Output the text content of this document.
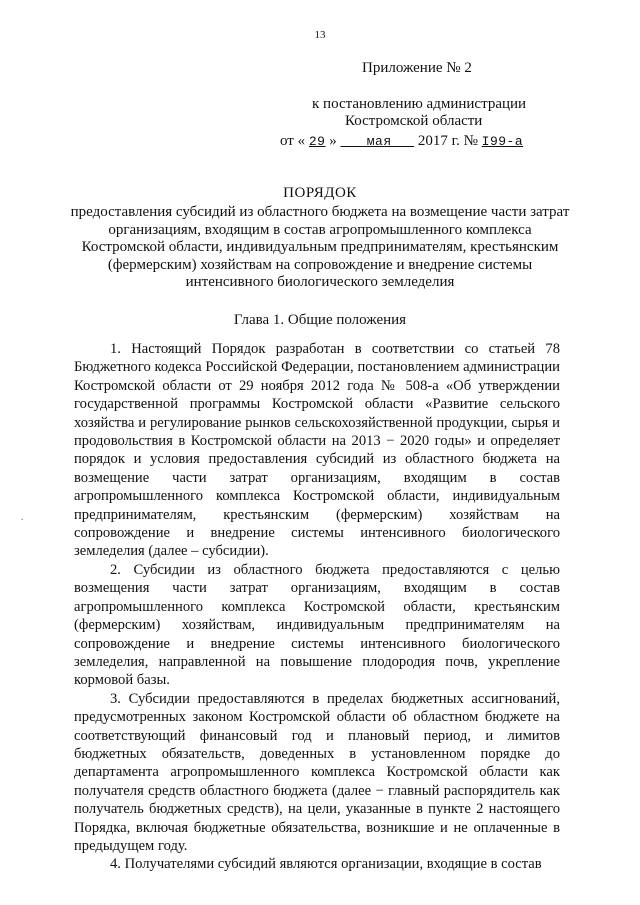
13
Приложение № 2
к постановлению администрации
Костромской области
от « 29 » мая 2017 г. № I99-а
ПОРЯДОК
предоставления субсидий из областного бюджета на возмещение части затрат организациям, входящим в состав агропромышленного комплекса Костромской области, индивидуальным предпринимателям, крестьянским (фермерским) хозяйствам на сопровождение и внедрение системы интенсивного биологического земледелия
Глава 1. Общие положения

1. Настоящий Порядок разработан в соответствии со статьей 78 Бюджетного кодекса Российской Федерации, постановлением администрации Костромской области от 29 ноября 2012 года № 508-а «Об утверждении государственной программы Костромской области «Развитие сельского хозяйства и регулирование рынков сельскохозяйственной продукции, сырья и продовольствия в Костромской области на 2013 − 2020 годы» и определяет порядок и условия предоставления субсидий из областного бюджета на возмещение части затрат организациям, входящим в состав агропромышленного комплекса Костромской области, индивидуальным предпринимателям, крестьянским (фермерским) хозяйствам на сопровождение и внедрение системы интенсивного биологического земледелия (далее – субсидии).

2. Субсидии из областного бюджета предоставляются с целью возмещения части затрат организациям, входящим в состав агропромышленного комплекса Костромской области, крестьянским (фермерским) хозяйствам, индивидуальным предпринимателям на сопровождение и внедрение системы интенсивного биологического земледелия, направленной на повышение плодородия почв, укрепление кормовой базы.

3. Субсидии предоставляются в пределах бюджетных ассигнований, предусмотренных законом Костромской области об областном бюджете на соответствующий финансовый год и плановый период, и лимитов бюджетных обязательств, доведенных в установленном порядке до департамента агропромышленного комплекса Костромской области как получателя средств областного бюджета (далее − главный распорядитель как получатель бюджетных средств), на цели, указанные в пункте 2 настоящего Порядка, включая бюджетные обязательства, возникшие и не оплаченные в предыдущем году.

4. Получателями субсидий являются организации, входящие в состав

.
